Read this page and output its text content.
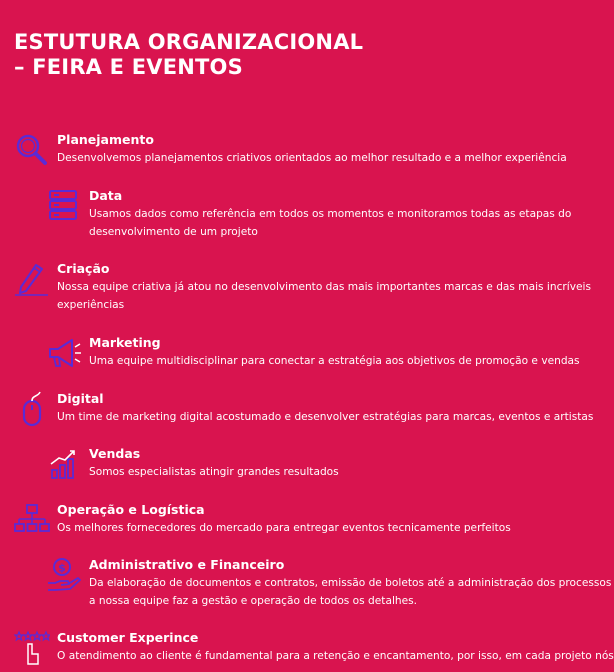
ESTUTURA ORGANIZACIONAL
– FEIRA E EVENTOS
Planejamento
Desenvolvemos planejamentos criativos orientados ao melhor resultado e a melhor experiência
Data
Usamos dados como referência em todos os momentos e monitoramos todas as etapas do
desenvolvimento de um projeto
Criação
Nossa equipe criativa já atou no desenvolvimento das mais importantes marcas e das mais incríveis
experiências
Marketing
Uma equipe multidisciplinar para conectar a estratégia aos objetivos de promoção e vendas
Digital
Um time de marketing digital acostumado e desenvolver estratégias para marcas, eventos e artistas
Vendas
Somos especialistas atingir grandes resultados
Operação e Logística
Os melhores fornecedores do mercado para entregar eventos tecnicamente perfeitos
$ Administrativo e Financeiro
Da elaboração de documentos e contratos, emissão de boletos até a administração dos processos
a nossa equipe faz a gestão e operação de todos os detalhes.
Customer Experince
O atendimento ao cliente é fundamental para a retenção e encantamento, por isso, em cada projeto nós
